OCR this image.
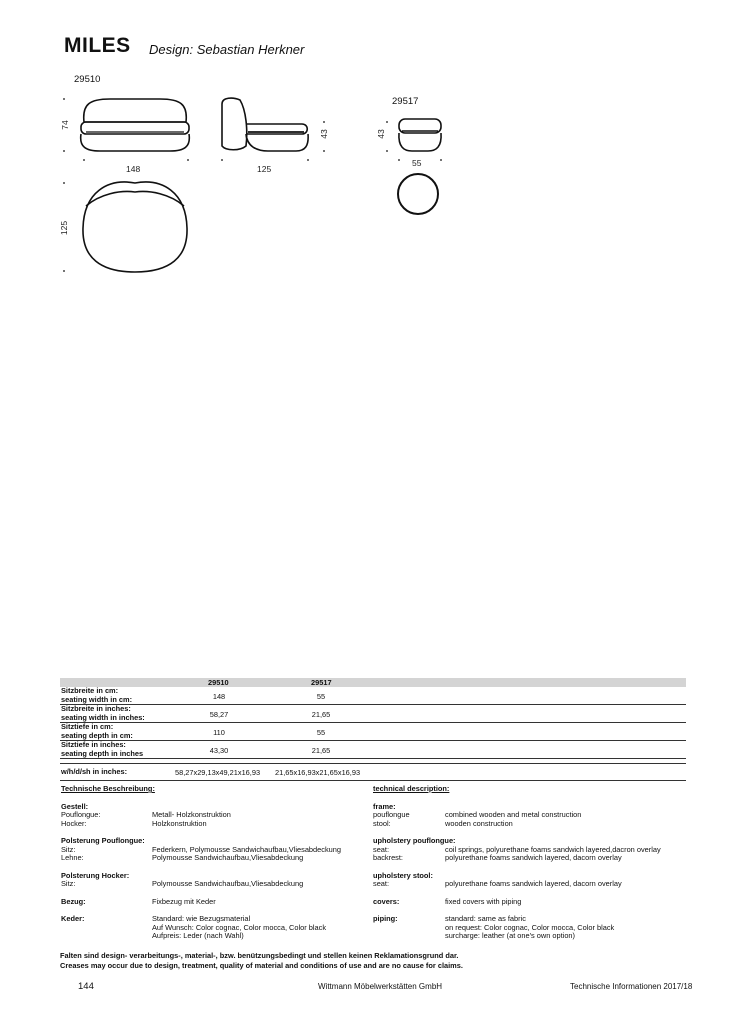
MILES Design: Sebastian Herkner
29510
29517
74
148
43
125
125
43
55
29510	29517
Sitzbreite in cm:
seating width in cm:	148	55
Sitzbreite in inches:
seating width in inches:	58,27	21,65
Sitztiefe in cm:
seating depth in cm:	110	55
Sitztiefe in inches:
seating depth in inches	43,30	21,65
w/h/d/sh in inches:	58,27x29,13x49,21x16,93 21,65x16,93x21,65x16,93
Technische Beschreibung:
Gestell:
Pouflongue:	Metall- Holzkonstruktion
Hocker:	Holzkonstruktion
Polsterung Pouflongue:
Sitz:	Federkern, Polymousse Sandwichaufbau,Vliesabdeckung
Lehne:	Polymousse Sandwichaufbau,Vliesabdeckung
Polsterung Hocker:
Sitz:	Polymousse Sandwichaufbau,Vliesabdeckung
Bezug:	Fixbezug mit Keder
Keder:	Standard: wie Bezugsmaterial
Auf Wunsch: Color cognac, Color mocca, Color black
Aufpreis: Leder (nach Wahl)
technical description:
frame:
pouflongue	combined wooden and metal construction
stool:	wooden construction
upholstery pouflongue:
seat:	coil springs, polyurethane foams sandwich layered,dacron overlay
backrest:	polyurethane foams sandwich layered, dacorn overlay
upholstery stool:
seat:	polyurethane foams sandwich layered, dacorn overlay
covers:	fixed covers with piping
piping:	standard: same as fabric
on request: Color cognac, Color mocca, Color black
surcharge: leather (at one's own option)
Falten sind design- verarbeitungs-, material-, bzw. benützungsbedingt und stellen keinen Reklamationsgrund dar.
Creases may occur due to design, treatment, quality of material and conditions of use and are no cause for claims.
144	Wittmann Möbelwerkstätten GmbH	Technische Informationen 2017/18
